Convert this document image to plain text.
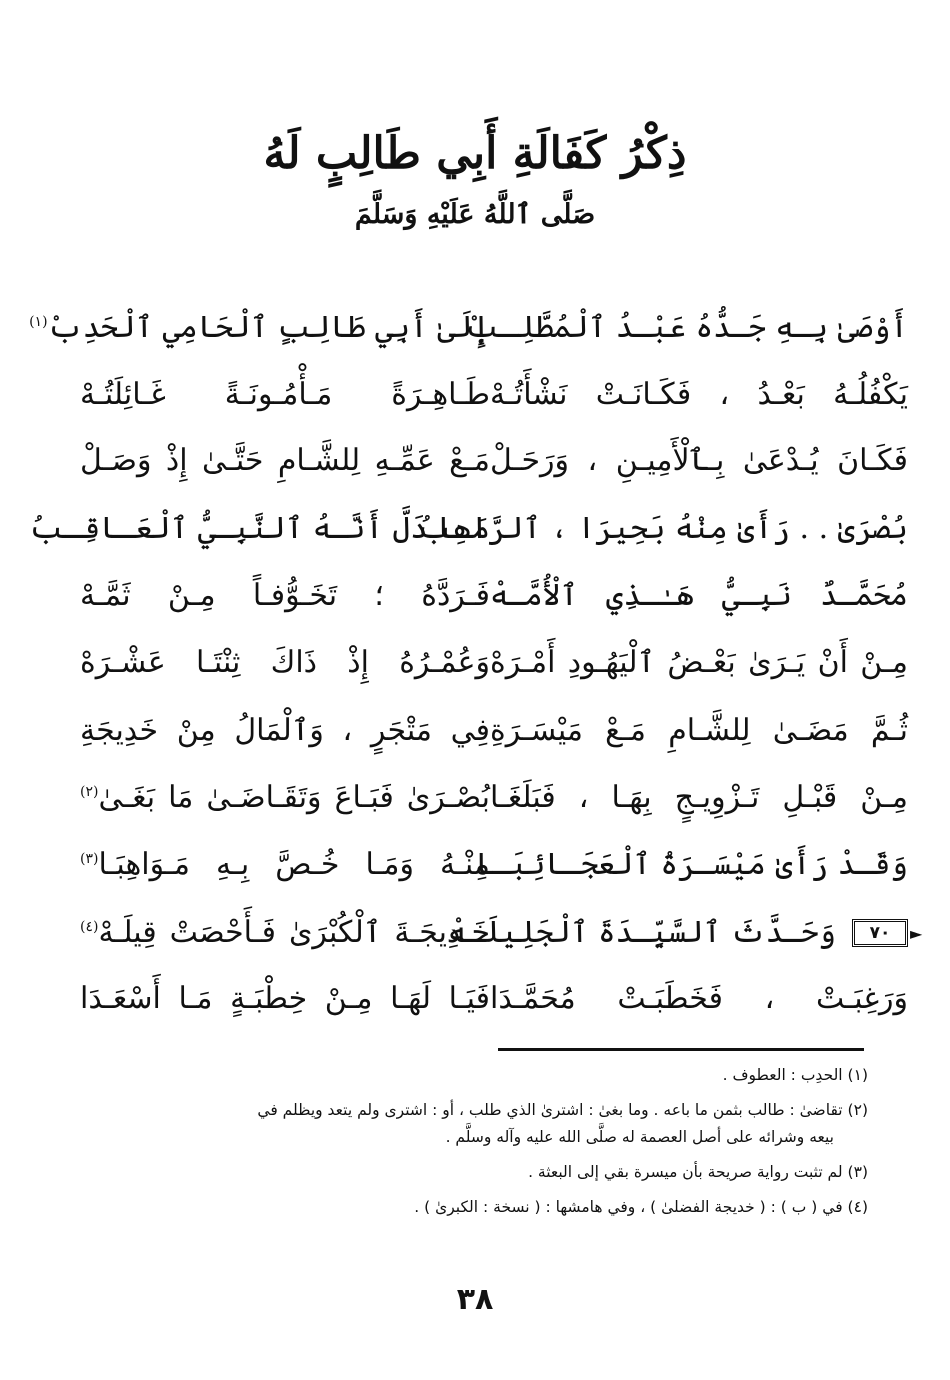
ذِكْرُ كَفَالَةِ أَبِي طَالِبٍ لَهُ
صَلَّى ٱللَّهُ عَلَيْهِ وَسَلَّمَ
أَوْصَىٰ بِـهِ جَـدُّهُ عَبْـدُ ٱلْمُطَّلِـبْ
إِلَىٰ أَبِي طَالِبٍ ٱلْحَامِي ٱلْحَدِبْ$^{(١)}$
يَكْفُلُـهُ بَعْـدُ ، فَكَـانَـتْ نَشْأَتُـهْ
طَـاهِـرَةً مَـأْمُـونَـةً غَـائِلَتُـهْ
فَكَـانَ يُـدْعَىٰ بِـٱلْأَمِيـنِ ، وَرَحَـلْ
مَـعْ عَمِّـهِ لِلشَّـامِ حَتَّـىٰ إِذْ وَصَـلْ
بُصْرَىٰ . . رَأَىٰ مِنْهُ بَحِيرَا ، ٱلرَّاهِبُ
مَـا دَلَّ أَنَّـهُ ٱلنَّبِـيُّ ٱلْعَـاقِـبُ
مُحَمَّـدٌ نَبِـيُّ هَـٰـذِي ٱلْأُمَّـهْ
فَـرَدَّهُ ؛ تَخَـوُّفـاً مِـنْ ثَمَّـهْ
مِـنْ أَنْ يَـرَىٰ بَعْـضُ ٱلْيَهُـودِ أَمْـرَهْ
وَعُمْـرُهُ إِذْ ذَاكَ ثِنْتَـا عَشْـرَهْ
ثُـمَّ مَضَـىٰ لِلشَّـامِ مَـعْ مَيْسَـرَةِ
فِي مَتْجَرٍ ، وَٱلْمَالُ مِنْ خَدِيجَةِ
مِـنْ قَبْـلِ تَـزْوِيـجٍ بِهَـا ، فَبَلَغَـا
بُصْـرَىٰ فَبَـاعَ وَتَقَـاضَـىٰ مَا بَغَـىٰ$^{(٢)}$
وَقَـدْ رَأَىٰ مَيْسَـرَةُ ٱلْعَجَـائِبَـا
مِنْـهُ وَمَـا خُـصَّ بِـهِ مَـوَاهِبَـا$^{(٣)}$
وَحَـدَّثَ ٱلسَّيِّـدَةَ ٱلْجَلِيلَـهْ
خَـدِيجَـةَ ٱلْكُبْرَىٰ فَـأَحْصَتْ قِيلَـهْ$^{(٤)}$
وَرَغِبَـتْ ، فَخَطَبَـتْ مُحَمَّـدَا
فَيَـا لَهَـا مِـنْ خِطْبَـةٍ مَـا أَسْعَـدَا
٧٠	►

(١) الحدِب : العطوف .

(٢) تقاضىٰ : طالب بثمن ما باعه . وما بغىٰ : اشترىٰ الذي طلب ، أو : اشترى ولم يتعد ويظلم في
بيعه وشرائه على أصل العصمة له صلَّى الله عليه وآله وسلَّم .

(٣) لم تثبت رواية صريحة بأن ميسرة بقي إلى البعثة .

(٤) في ( ب ) : ( خديجة الفضلىٰ ) ، وفي هامشها : ( نسخة : الكبرىٰ ) .

٣٨
